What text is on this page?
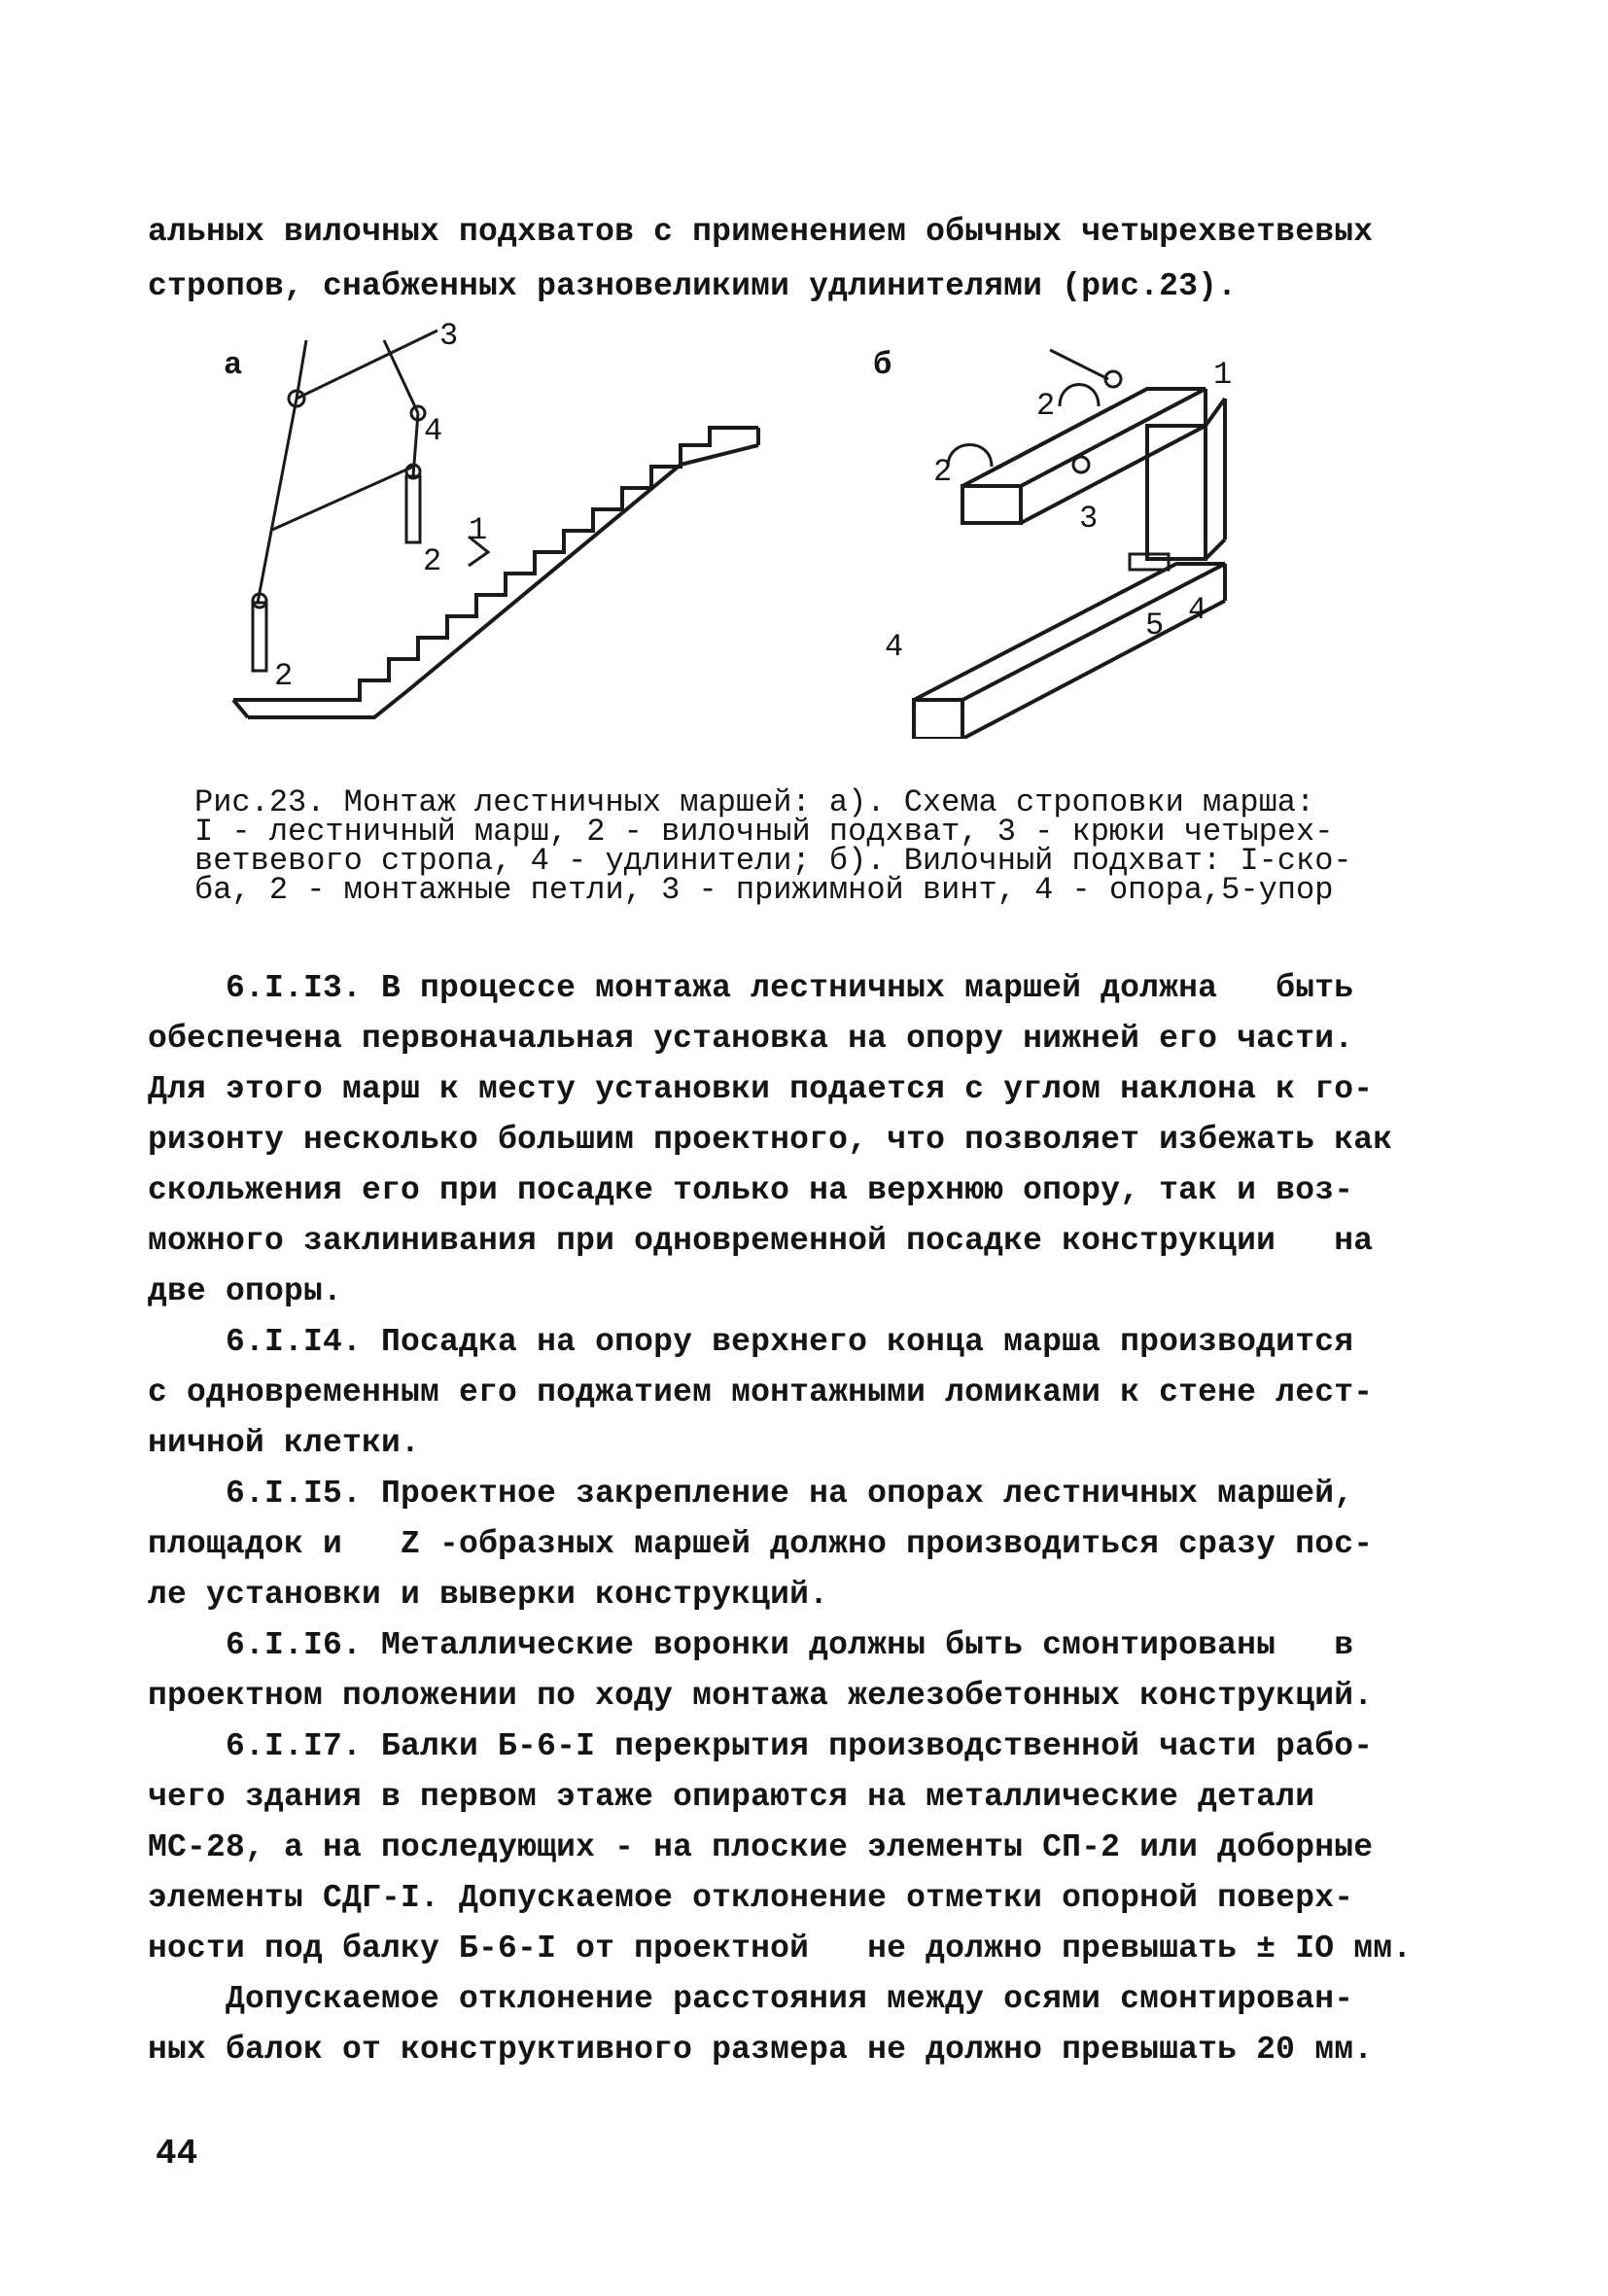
альных вилочных подхватов с применением обычных четырехветвевых
стропов, снабженных разновеликими удлинителями (рис.23).
а
1
2
2
3
4
б	1
2
2
3
4
4
5
Рис.23. Монтаж лестничных маршей: а). Схема строповки марша:
I - лестничный марш, 2 - вилочный подхват, 3 - крюки четырех-
ветвевого стропа, 4 - удлинители; б). Вилочный подхват: I-ско-
ба, 2 - монтажные петли, 3 - прижимной винт, 4 - опора,5-упор
6.I.I3. В процессе монтажа лестничных маршей должна   быть
обеспечена первоначальная установка на опору нижней его части.
Для этого марш к месту установки подается с углом наклона к го-
ризонту несколько большим проектного, что позволяет избежать как
скольжения его при посадке только на верхнюю опору, так и воз-
можного заклинивания при одновременной посадке конструкции   на
две опоры.
6.I.I4. Посадка на опору верхнего конца марша производится
с одновременным его поджатием монтажными ломиками к стене лест-
ничной клетки.
6.I.I5. Проектное закрепление на опорах лестничных маршей,
площадок и   Z -образных маршей должно производиться сразу пос-
ле установки и выверки конструкций.
6.I.I6. Металлические воронки должны быть смонтированы   в
проектном положении по ходу монтажа железобетонных конструкций.
6.I.I7. Балки Б-6-I перекрытия производственной части рабо-
чего здания в первом этаже опираются на металлические детали
МС-28, а на последующих - на плоские элементы СП-2 или доборные
элементы СДГ-I. Допускаемое отклонение отметки опорной поверх-
ности под балку Б-6-I от проектной   не должно превышать ± IO мм.
Допускаемое отклонение расстояния между осями смонтирован-
ных балок от конструктивного размера не должно превышать 20 мм.
44
